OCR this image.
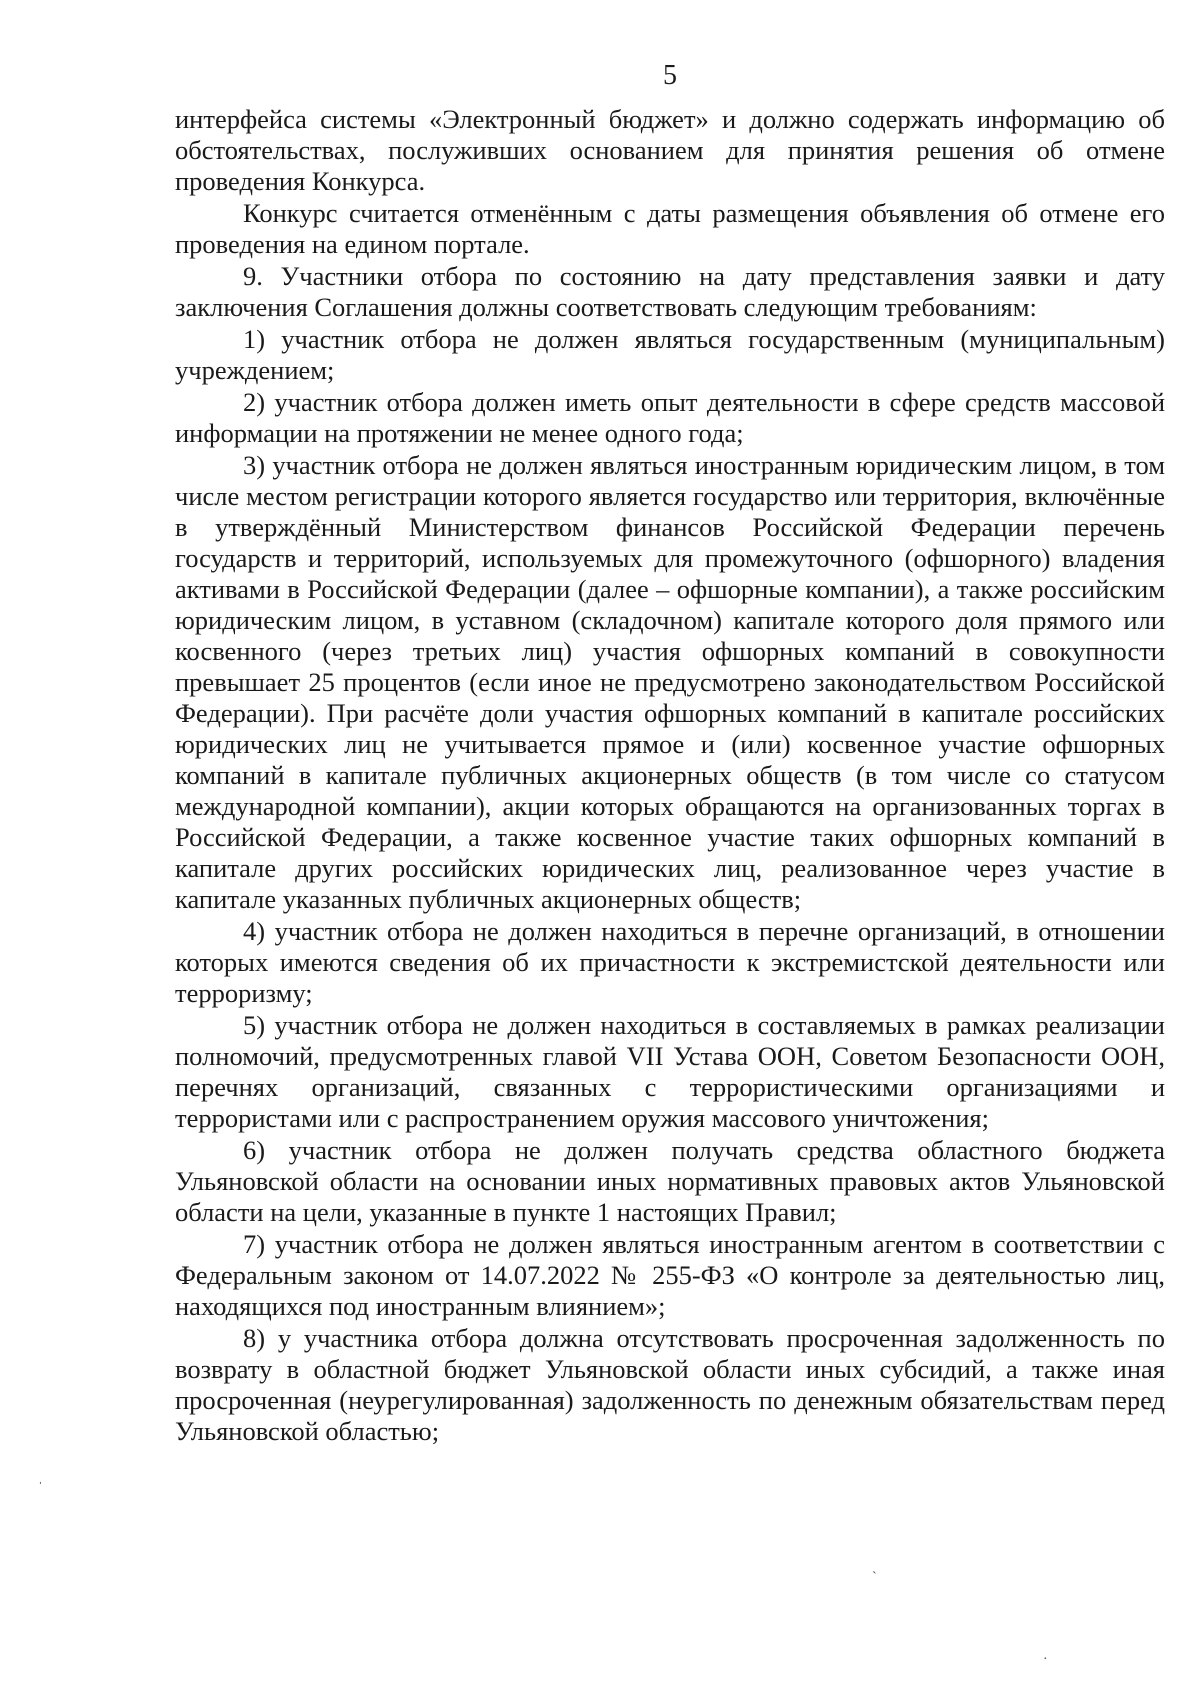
5

интерфейса системы «Электронный бюджет» и должно содержать информацию об обстоятельствах, послуживших основанием для принятия решения об отмене проведения Конкурса.

Конкурс считается отменённым с даты размещения объявления об отмене его проведения на едином портале.

9. Участники отбора по состоянию на дату представления заявки и дату заключения Соглашения должны соответствовать следующим требованиям:

1) участник отбора не должен являться государственным (муниципальным) учреждением;

2) участник отбора должен иметь опыт деятельности в сфере средств массовой информации на протяжении не менее одного года;

3) участник отбора не должен являться иностранным юридическим лицом, в том числе местом регистрации которого является государство или территория, включённые в утверждённый Министерством финансов Российской Федерации перечень государств и территорий, используемых для промежуточного (офшорного) владения активами в Российской Федерации (далее – офшорные компании), а также российским юридическим лицом, в уставном (складочном) капитале которого доля прямого или косвенного (через третьих лиц) участия офшорных компаний в совокупности превышает 25 процентов (если иное не предусмотрено законодательством Российской Федерации). При расчёте доли участия офшорных компаний в капитале российских юридических лиц не учитывается прямое и (или) косвенное участие офшорных компаний в капитале публичных акционерных обществ (в том числе со статусом международной компании), акции которых обращаются на организованных торгах в Российской Федерации, а также косвенное участие таких офшорных компаний в капитале других российских юридических лиц, реализованное через участие в капитале указанных публичных акционерных обществ;

4) участник отбора не должен находиться в перечне организаций, в отношении которых имеются сведения об их причастности к экстремистской деятельности или терроризму;

5) участник отбора не должен находиться в составляемых в рамках реализации полномочий, предусмотренных главой VII Устава ООН, Советом Безопасности ООН, перечнях организаций, связанных с террористическими организациями и террористами или с распространением оружия массового уничтожения;

6) участник отбора не должен получать средства областного бюджета Ульяновской области на основании иных нормативных правовых актов Ульяновской области на цели, указанные в пункте 1 настоящих Правил;

7) участник отбора не должен являться иностранным агентом в соответствии с Федеральным законом от 14.07.2022 № 255-ФЗ «О контроле за деятельностью лиц, находящихся под иностранным влиянием»;

8) у участника отбора должна отсутствовать просроченная задолженность по возврату в областной бюджет Ульяновской области иных субсидий, а также иная просроченная (неурегулированная) задолженность по денежным обязательствам перед Ульяновской областью;

ˌ
ˋ
·
